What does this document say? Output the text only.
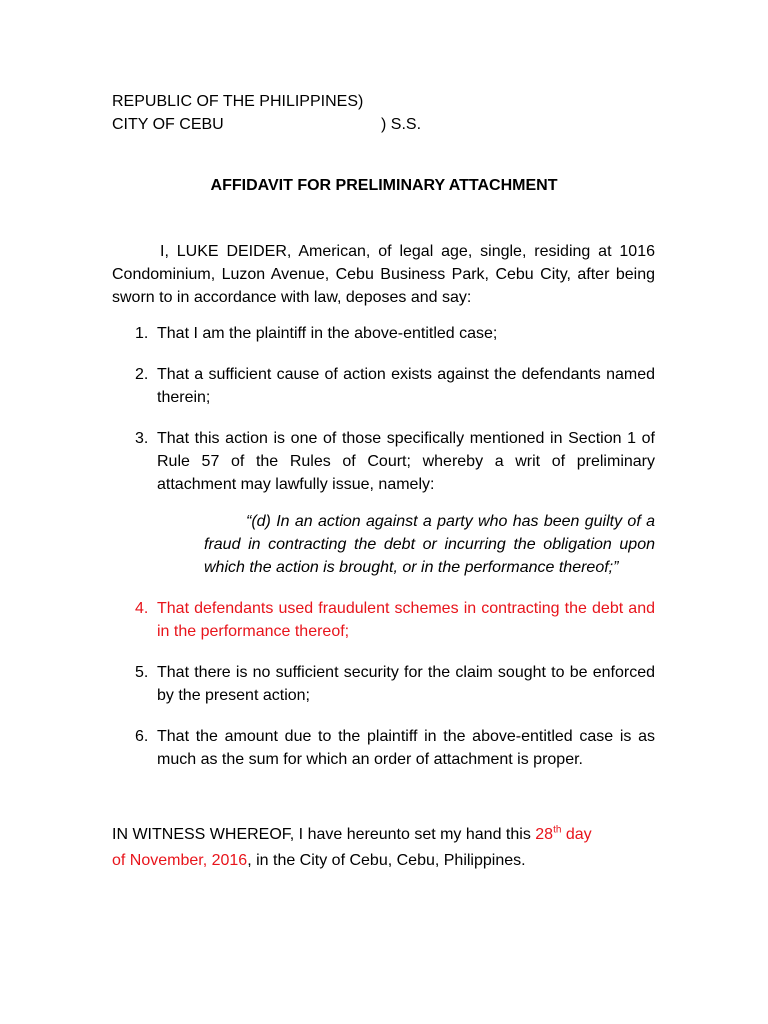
REPUBLIC OF THE PHILIPPINES)
CITY OF CEBU	) S.S.
AFFIDAVIT FOR PRELIMINARY ATTACHMENT
I, LUKE DEIDER, American, of legal age, single, residing at 1016 Condominium, Luzon Avenue, Cebu Business Park, Cebu City, after being sworn to in accordance with law, deposes and say:
1. That I am the plaintiff in the above-entitled case;
2. That a sufficient cause of action exists against the defendants named therein;
3. That this action is one of those specifically mentioned in Section 1 of Rule 57 of the Rules of Court; whereby a writ of preliminary attachment may lawfully issue, namely:
“(d) In an action against a party who has been guilty of a fraud in contracting the debt or incurring the obligation upon which the action is brought, or in the performance thereof;”
4. That defendants used fraudulent schemes in contracting the debt and in the performance thereof;
5. That there is no sufficient security for the claim sought to be enforced by the present action;
6. That the amount due to the plaintiff in the above-entitled case is as much as the sum for which an order of attachment is proper.
IN WITNESS WHEREOF, I have hereunto set my hand this 28th day
of November, 2016, in the City of Cebu, Cebu, Philippines.
